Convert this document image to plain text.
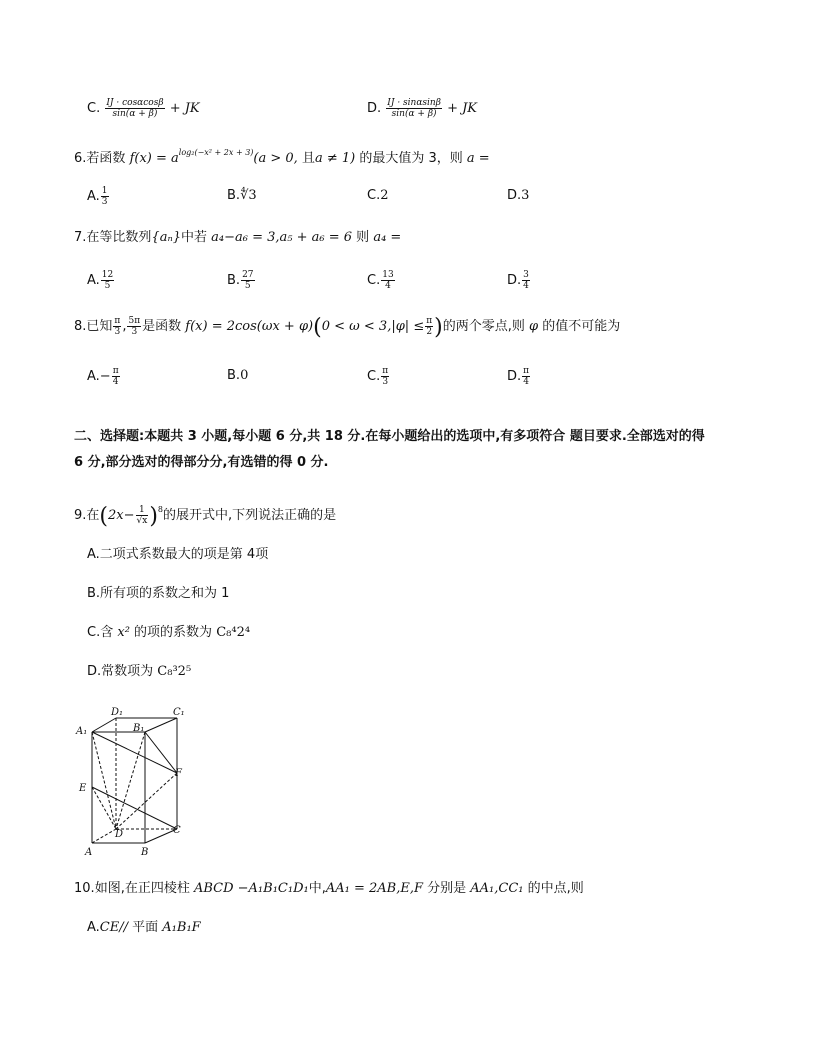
C. $\frac{IJ \cdot \cos\alpha\cos\beta}{\sin(\alpha + \beta)}$ + JK	D. $\frac{IJ \cdot \sin\alpha\sin\beta}{\sin(\alpha + \beta)}$ + JK
6.若函数 $f(x) = a^{log_2(-x^2 + 2x + 3)}(a > 0$, 且a ≠ 1) 的最大值为 3，则 a =
A. $\frac{1}{3}$	B.∜3	C.2	D.3
7.在等比数列{aₙ}中若 a₄−a₆ = 3,a₅ + a₆ = 6 则 a₄ =
A. $\frac{12}{5}$	B. $\frac{27}{5}$	C. $\frac{13}{4}$	D. $\frac{3}{4}$
8.已知 $\frac{\pi}{3}$ , $\frac{5\pi}{3}$ 是函数 $f(x) = 2\cos(\omega x + \varphi)(0 < \omega < 3,|\varphi| \le \frac{\pi}{2}$ )的两个零点,则 φ 的值不可能为
$A.- \frac{\pi}{4}$	B.0	C. $\frac{\pi}{3}$	D. $\frac{\pi}{4}$
二、选择题:本题共 3 小题,每小题 6 分,共 18 分.在每小题给出的选项中,有多项符合 题目要求.全部选对的得
6 分,部分选对的得部分分,有选错的得 0 分.
9.在$(2x- \frac{1}{√x} )^8$的展开式中,下列说法正确的是
A.二项式系数最大的项是第 4项
B.所有项的系数之和为 1
C.含 x² 的项的系数为 C₈⁴2⁴
D.常数项为 C₈³2⁵
D₁
B₁
C₁
A₁
E
F
D	C
A	B
10.如图,在正四棱柱 ABCD −A₁B₁C₁D₁中,AA₁ = 2AB,E,F 分别是 AA₁,CC₁ 的中点,则
A.CE// 平面 A₁B₁F
